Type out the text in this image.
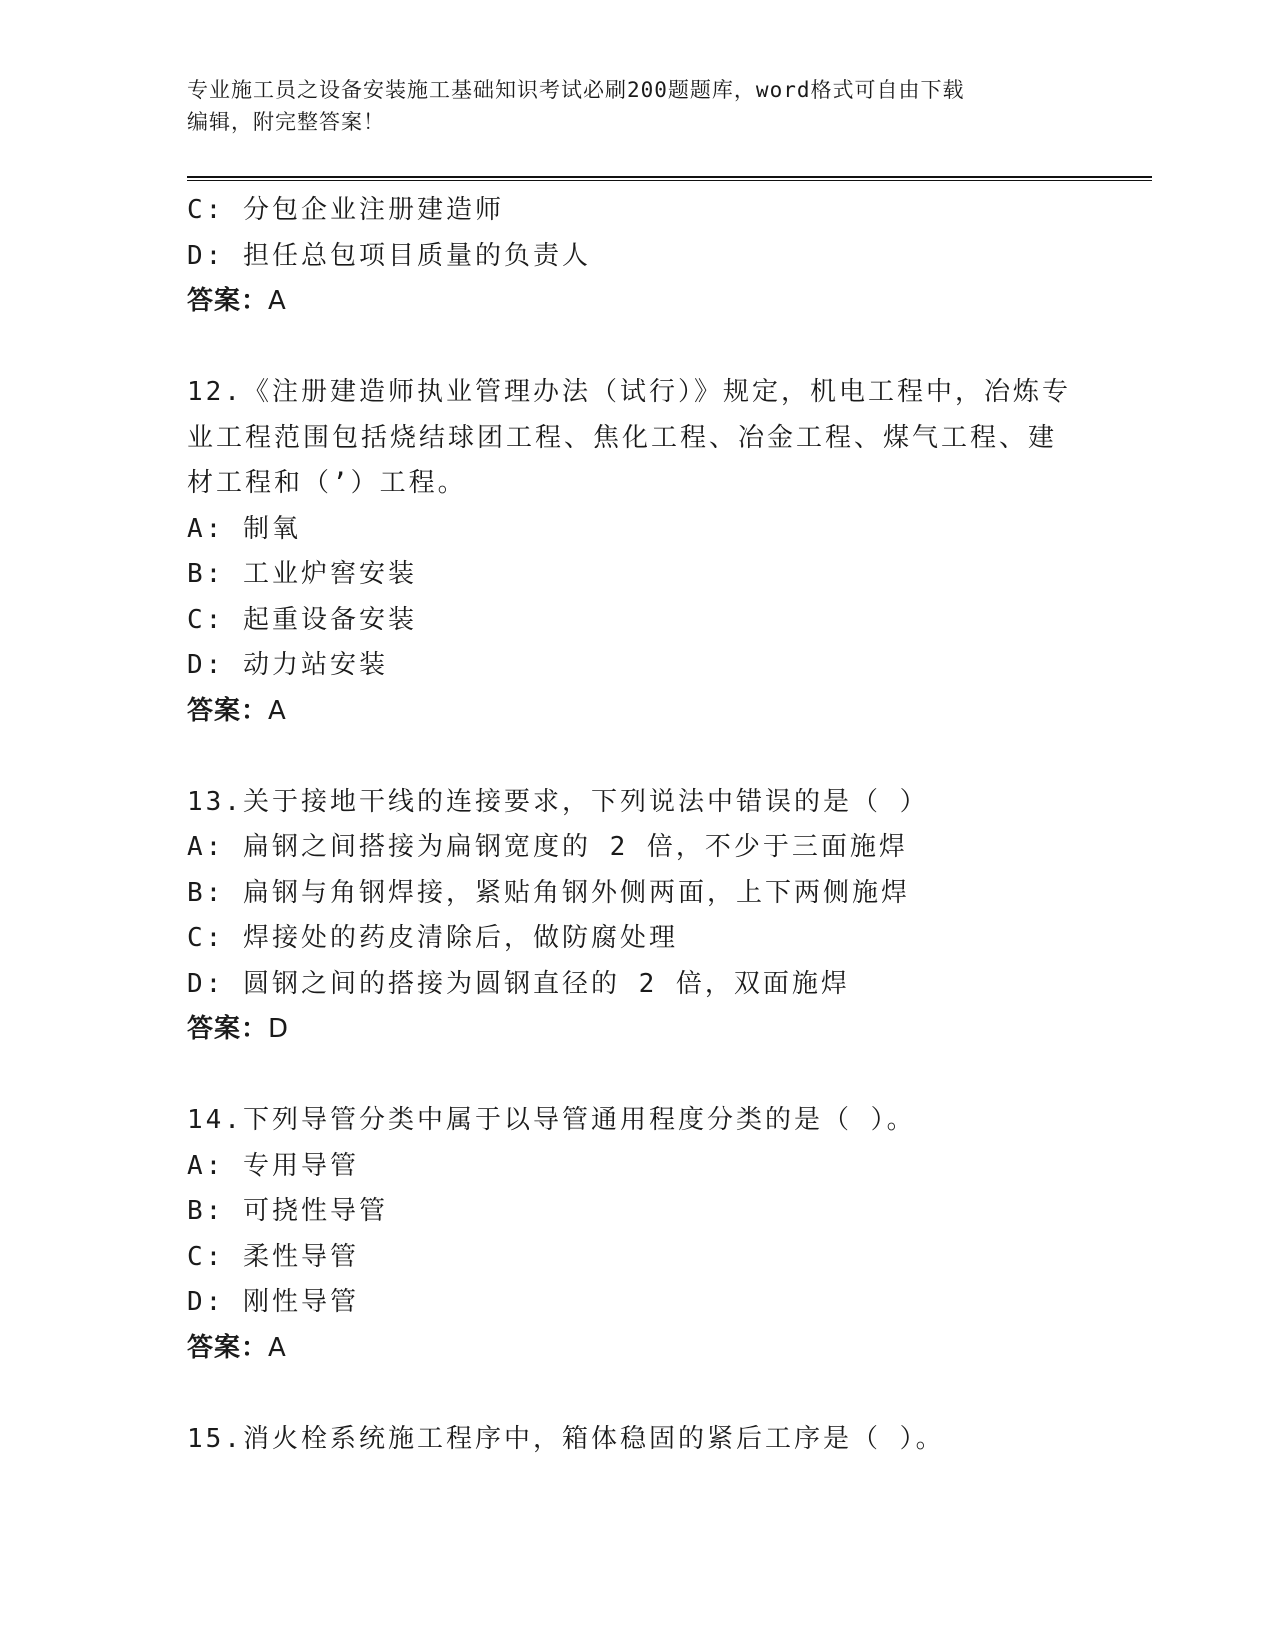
专业施工员之设备安装施工基础知识考试必刷200题题库，word格式可自由下载
编辑，附完整答案！
C: 分包企业注册建造师
D: 担任总包项目质量的负责人
答案：A
12.《注册建造师执业管理办法（试行）》规定，机电工程中，冶炼专
业工程范围包括烧结球团工程、焦化工程、冶金工程、煤气工程、建
材工程和（’）工程。
A: 制氧
B: 工业炉窖安装
C: 起重设备安装
D: 动力站安装
答案：A
13.关于接地干线的连接要求，下列说法中错误的是（ ）
A: 扁钢之间搭接为扁钢宽度的 2 倍，不少于三面施焊
B: 扁钢与角钢焊接，紧贴角钢外侧两面，上下两侧施焊
C: 焊接处的药皮清除后，做防腐处理
D: 圆钢之间的搭接为圆钢直径的 2 倍，双面施焊
答案：D
14.下列导管分类中属于以导管通用程度分类的是（ ）。
A: 专用导管
B: 可挠性导管
C: 柔性导管
D: 刚性导管
答案：A
15.消火栓系统施工程序中，箱体稳固的紧后工序是（ ）。
